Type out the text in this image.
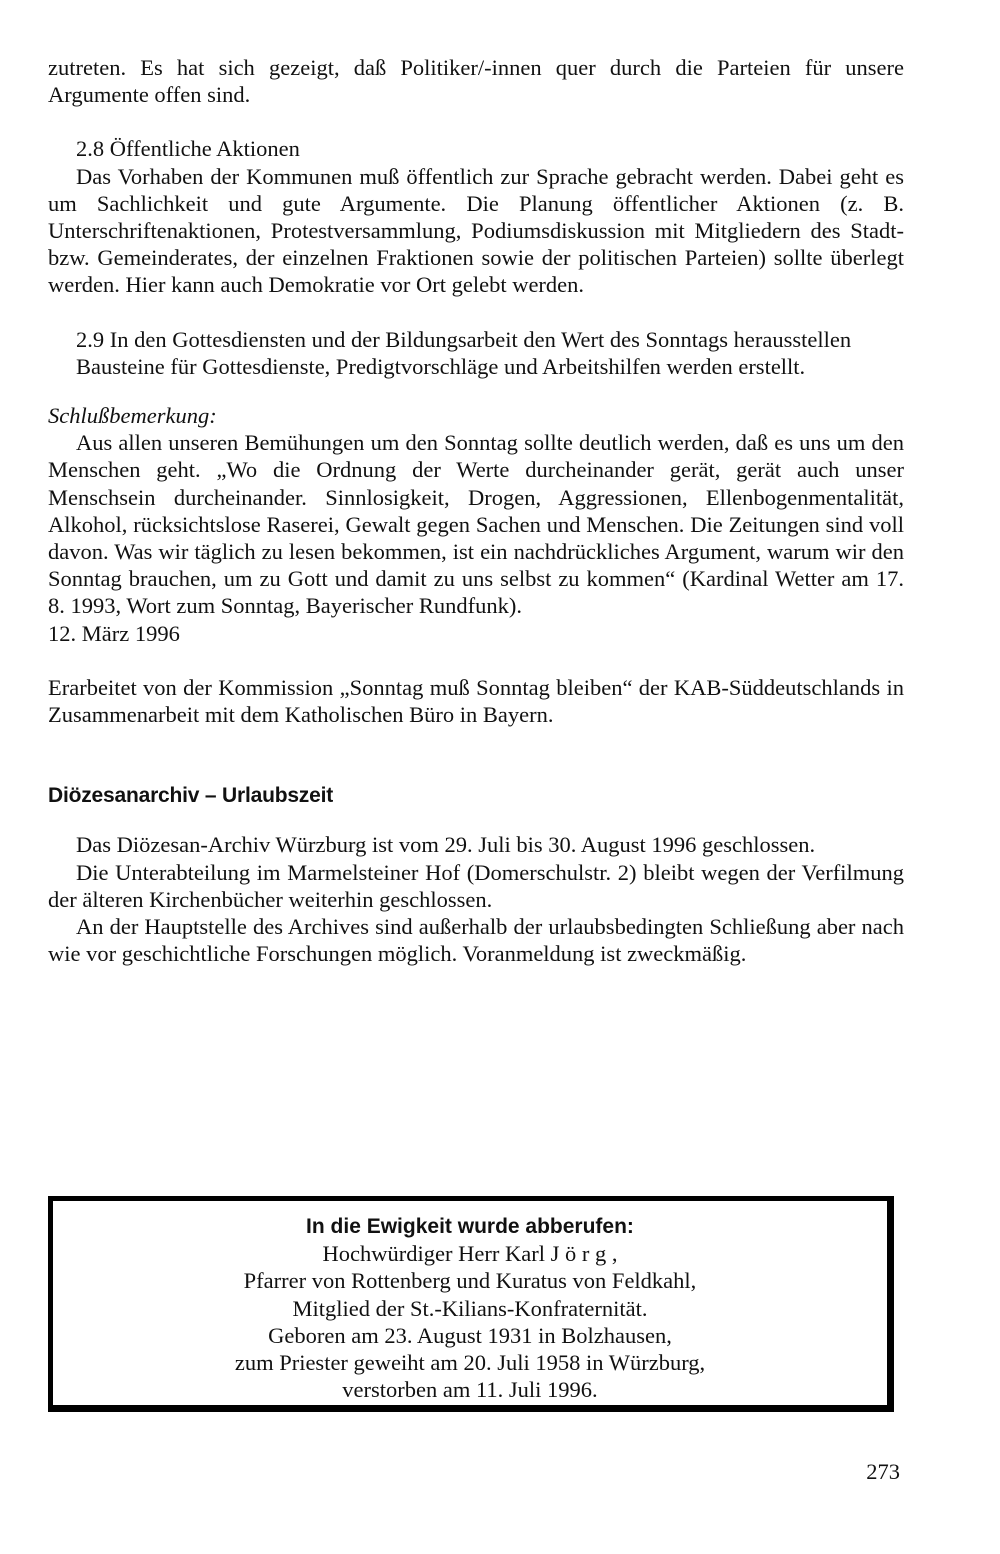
zutreten. Es hat sich gezeigt, daß Politiker/-innen quer durch die Parteien für unsere Argumente offen sind.

2.8 Öffentliche Aktionen

Das Vorhaben der Kommunen muß öffentlich zur Sprache gebracht werden. Dabei geht es um Sachlichkeit und gute Argumente. Die Planung öffentlicher Aktionen (z. B. Unterschriftenaktionen, Protestversammlung, Podiumsdiskussion mit Mitgliedern des Stadt- bzw. Gemeinderates, der einzelnen Fraktionen sowie der politischen Parteien) sollte überlegt werden. Hier kann auch Demokratie vor Ort gelebt werden.

2.9 In den Gottesdiensten und der Bildungsarbeit den Wert des Sonntags herausstellen

Bausteine für Gottesdienste, Predigtvorschläge und Arbeitshilfen werden erstellt.

Schlußbemerkung:

Aus allen unseren Bemühungen um den Sonntag sollte deutlich werden, daß es uns um den Menschen geht. „Wo die Ordnung der Werte durcheinander gerät, gerät auch unser Menschsein durcheinander. Sinnlosigkeit, Drogen, Aggressionen, Ellenbogenmentalität, Alkohol, rücksichtslose Raserei, Gewalt gegen Sachen und Menschen. Die Zeitungen sind voll davon. Was wir täglich zu lesen bekommen, ist ein nachdrückliches Argument, warum wir den Sonntag brauchen, um zu Gott und damit zu uns selbst zu kommen“ (Kardinal Wetter am 17. 8. 1993, Wort zum Sonntag, Bayerischer Rundfunk).

12. März 1996

Erarbeitet von der Kommission „Sonntag muß Sonntag bleiben“ der KAB-Süddeutschlands in Zusammenarbeit mit dem Katholischen Büro in Bayern.

Diözesanarchiv – Urlaubszeit

Das Diözesan-Archiv Würzburg ist vom 29. Juli bis 30. August 1996 geschlossen.

Die Unterabteilung im Marmelsteiner Hof (Domerschulstr. 2) bleibt wegen der Verfilmung der älteren Kirchenbücher weiterhin geschlossen.

An der Hauptstelle des Archives sind außerhalb der urlaubsbedingten Schließung aber nach wie vor geschichtliche Forschungen möglich. Voranmeldung ist zweckmäßig.

In die Ewigkeit wurde abberufen:
Hochwürdiger Herr Karl J ö r g ,
Pfarrer von Rottenberg und Kuratus von Feldkahl,
Mitglied der St.-Kilians-Konfraternität.
Geboren am 23. August 1931 in Bolzhausen,
zum Priester geweiht am 20. Juli 1958 in Würzburg,
verstorben am 11. Juli 1996.
273
